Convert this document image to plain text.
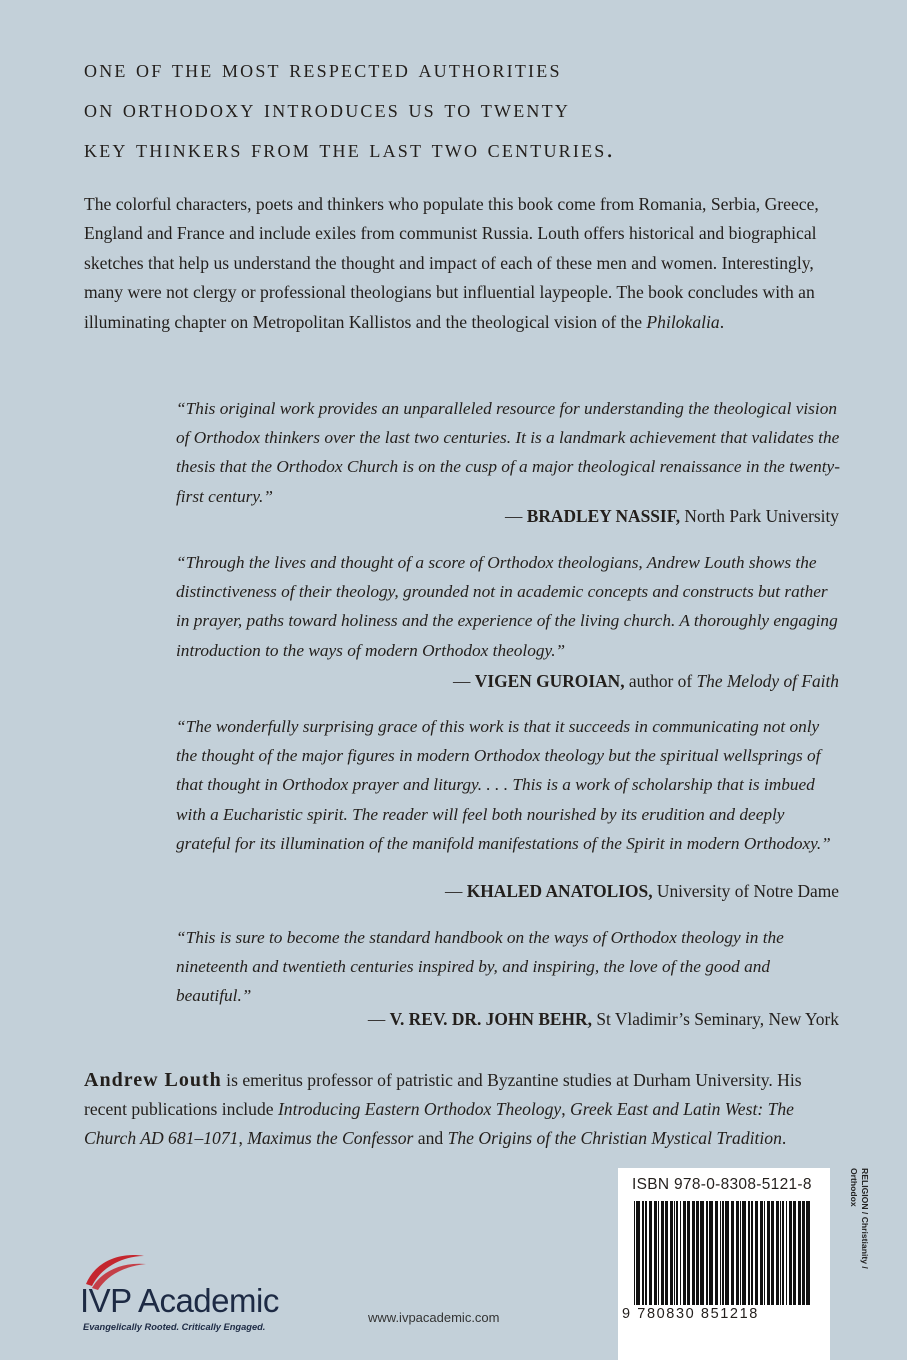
one of the most respected authorities
on orthodoxy introduces us to twenty
key thinkers from the last two centuries.
The colorful characters, poets and thinkers who populate this book come from Romania, Serbia, Greece, England and France and include exiles from communist Russia. Louth offers historical and biographical sketches that help us understand the thought and impact of each of these men and women. Interestingly, many were not clergy or professional theologians but influential laypeople. The book concludes with an illuminating chapter on Metropolitan Kallistos and the theological vision of the Philokalia.
“This original work provides an unparalleled resource for understanding the theological vision of Orthodox thinkers over the last two centuries. It is a landmark achievement that validates the thesis that the Orthodox Church is on the cusp of a major theological renaissance in the twenty-first century.”
— BRADLEY NASSIF, North Park University
“Through the lives and thought of a score of Orthodox theologians, Andrew Louth shows the distinctiveness of their theology, grounded not in academic concepts and constructs but rather in prayer, paths toward holiness and the experience of the living church. A thoroughly engaging introduction to the ways of modern Orthodox theology.”
— VIGEN GUROIAN, author of The Melody of Faith
“The wonderfully surprising grace of this work is that it succeeds in communicating not only the thought of the major figures in modern Orthodox theology but the spiritual wellsprings of that thought in Orthodox prayer and liturgy. . . . This is a work of scholarship that is imbued with a Eucharistic spirit. The reader will feel both nourished by its erudition and deeply grateful for its illumination of the manifold manifestations of the Spirit in modern Orthodoxy.”
— KHALED ANATOLIOS, University of Notre Dame
“This is sure to become the standard handbook on the ways of Orthodox theology in the nineteenth and twentieth centuries inspired by, and inspiring, the love of the good and beautiful.”
— V. REV. DR. JOHN BEHR, St Vladimir’s Seminary, New York
Andrew Louth is emeritus professor of patristic and Byzantine studies at Durham University. His recent publications include Introducing Eastern Orthodox Theology, Greek East and Latin West: The Church AD 681–1071, Maximus the Confessor and The Origins of the Christian Mystical Tradition.
IVP Academic
Evangelically Rooted. Critically Engaged.
www.ivpacademic.com
ISBN 978-0-8308-5121-8
9 780830 851218
RELIGION / Christianity /
Orthodox
